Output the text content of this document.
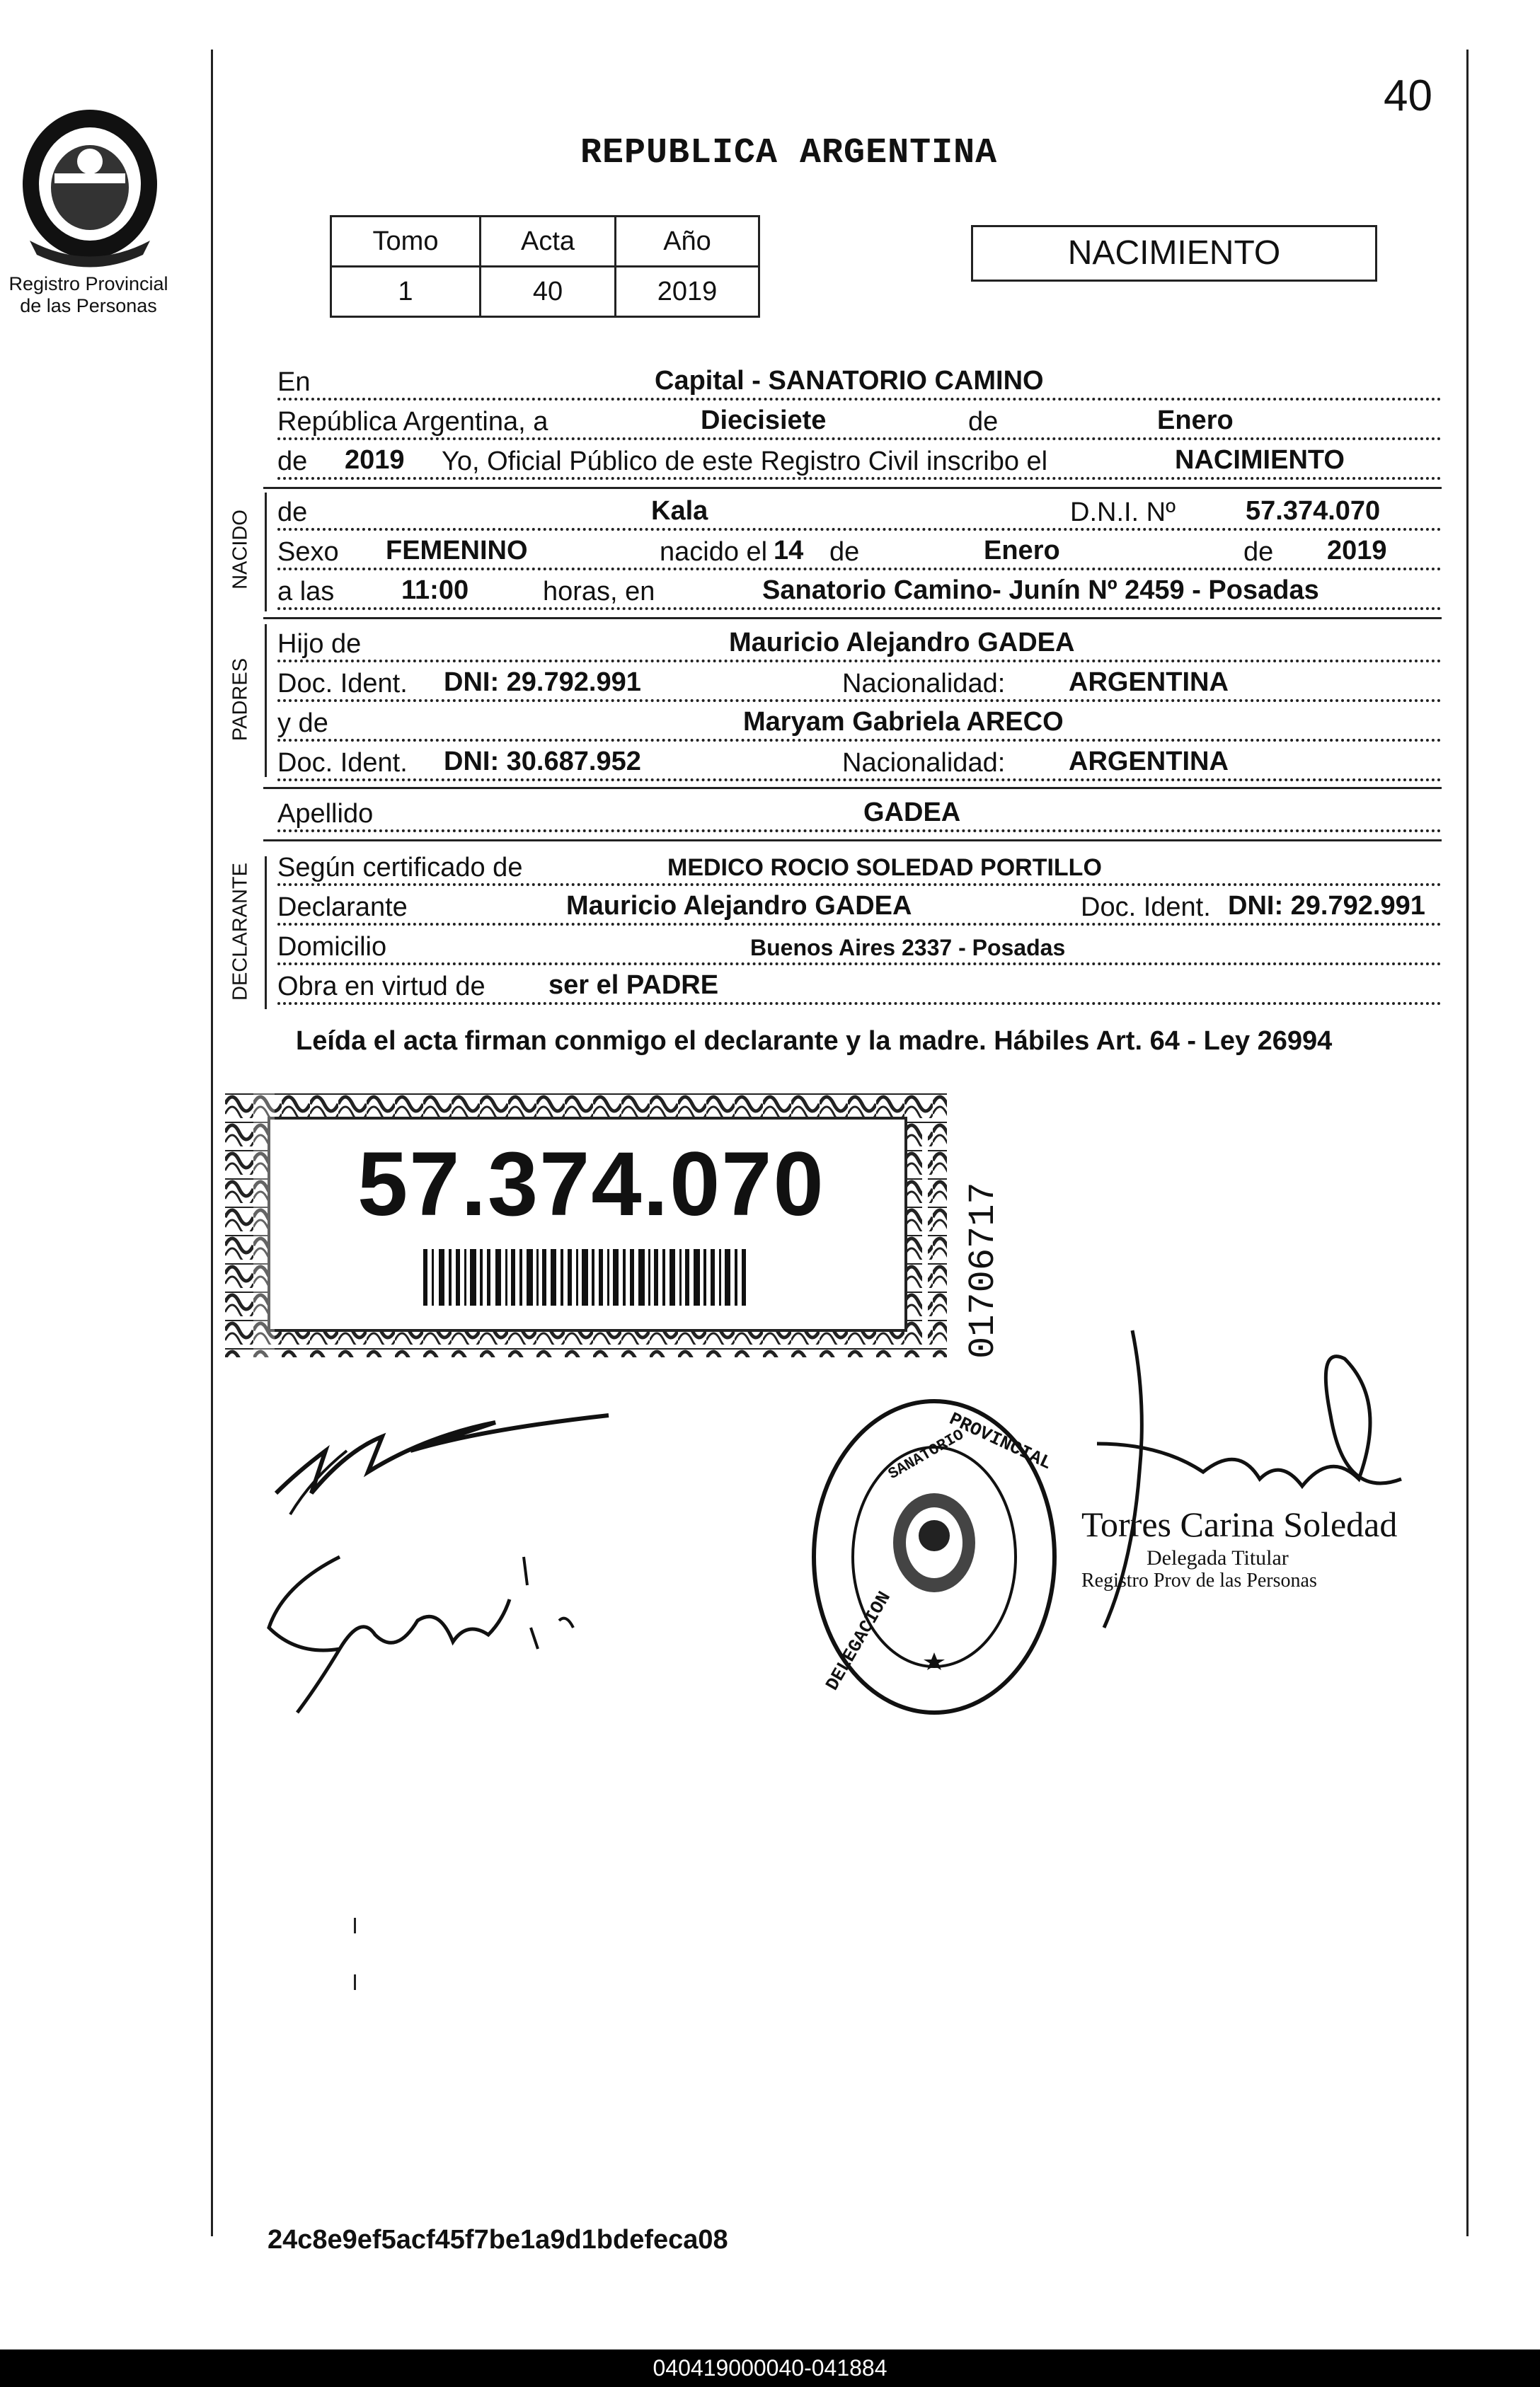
40
REPUBLICA ARGENTINA
Registro Provincial
de las Personas
Tomo	Acta	Año
1	40	2019
NACIMIENTO
En	Capital - SANATORIO CAMINO
República Argentina, a	Diecisiete	de	Enero
de 2019 Yo, Oficial Público de este Registro Civil inscribo el	NACIMIENTO
NACIDO de	Kala	D.N.I. Nº	57.374.070
Sexo FEMENINO	nacido el 14 de	Enero	de 2019
a las 11:00	horas, en	Sanatorio Camino- Junín Nº 2459 - Posadas
PADRES
Hijo de	Mauricio Alejandro GADEA
Doc. Ident. DNI: 29.792.991	Nacionalidad: ARGENTINA
y de	Maryam Gabriela ARECO
Doc. Ident. DNI: 30.687.952	Nacionalidad: ARGENTINA
Apellido	GADEA
DECLARANTE Según certificado de	MEDICO ROCIO SOLEDAD PORTILLO
Declarante	Mauricio Alejandro GADEA	Doc. Ident. DNI: 29.792.991
Domicilio	Buenos Aires 2337 - Posadas
Obra en virtud de ser el PADRE
Leída el acta firman conmigo el declarante y la madre. Hábiles Art. 64 - Ley 26994
57.374.070	01706717
DELEGACION
PROVINCIAL
SANATORIO
Torres Carina Soledad
Delegada Titular
Registro Prov de las Personas
24c8e9ef5acf45f7be1a9d1bdefeca08
040419000040-041884
